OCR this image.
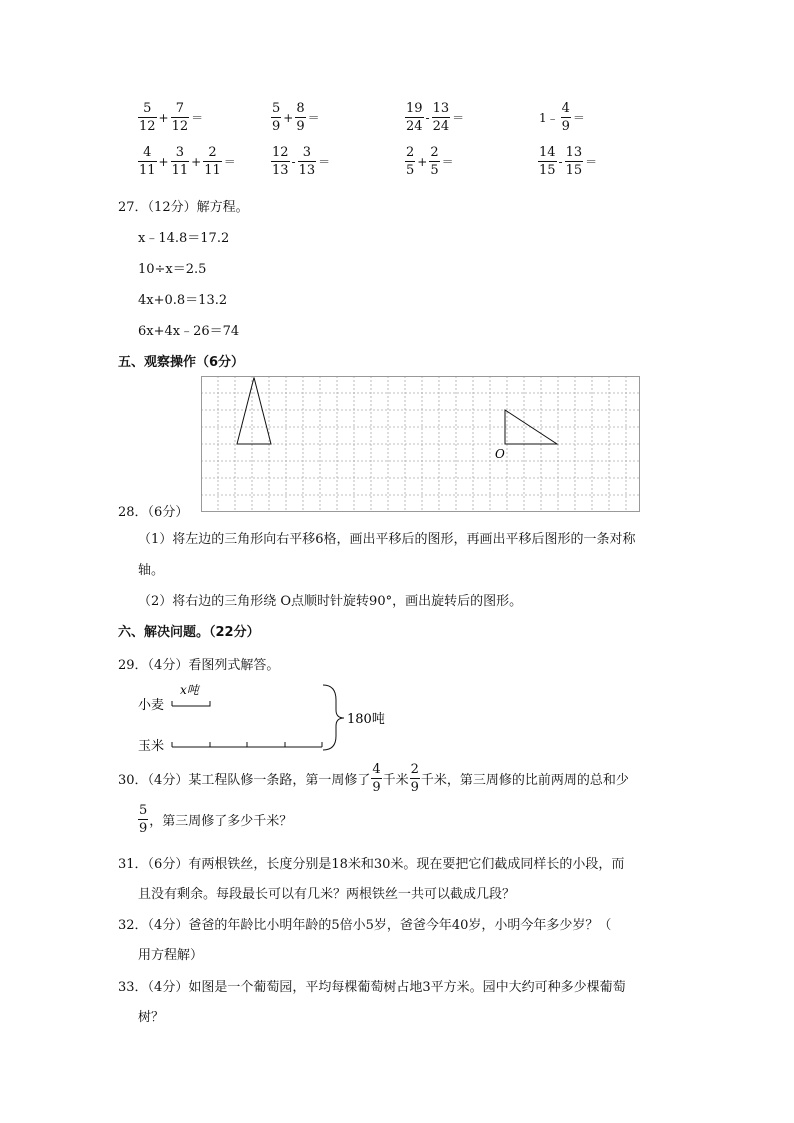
$\frac{5}{12} + \frac{7}{12}$ ＝	$\frac{5}{9} + \frac{8}{9}$ ＝	$\frac{19}{24} - \frac{13}{24}$ ＝	1﹣ $\frac{4}{9}$ ＝
$\frac{4}{11} + \frac{3}{11} + \frac{2}{11}$ ＝	$\frac{12}{13} - \frac{3}{13}$ ＝	$\frac{2}{5} + \frac{2}{5}$ ＝	$\frac{14}{15} - \frac{13}{15}$ ＝
27．（12分）解方程。
x﹣14.8＝17.2
10÷x＝2.5
4x+0.8＝13.2
6x+4x﹣26＝74
五、观察操作（6分）
O
28．（6分）
（1）将左边的三角形向右平移6格，画出平移后的图形，再画出平移后图形的一条对称
轴。
（2）将右边的三角形绕 O点顺时针旋转90°，画出旋转后的图形。
六、解决问题。（22分）
29．（4分）看图列式解答。
小麦
x吨
玉米
180吨
30．（4分）某工程队修一条路，第一周修了 $\frac{4}{9}$ 千米 $\frac{2}{9}$ 千米，第三周修的比前两周的总和少
$\frac{5}{9}$ ，第三周修了多少千米？
31．（6分）有两根铁丝，长度分别是18米和30米。现在要把它们截成同样长的小段，而
且没有剩余。每段最长可以有几米？两根铁丝一共可以截成几段？
32．（4分）爸爸的年龄比小明年龄的5倍小5岁，爸爸今年40岁，小明今年多少岁？（
用方程解）
33．（4分）如图是一个葡萄园，平均每棵葡萄树占地3平方米。园中大约可种多少棵葡萄
树？
